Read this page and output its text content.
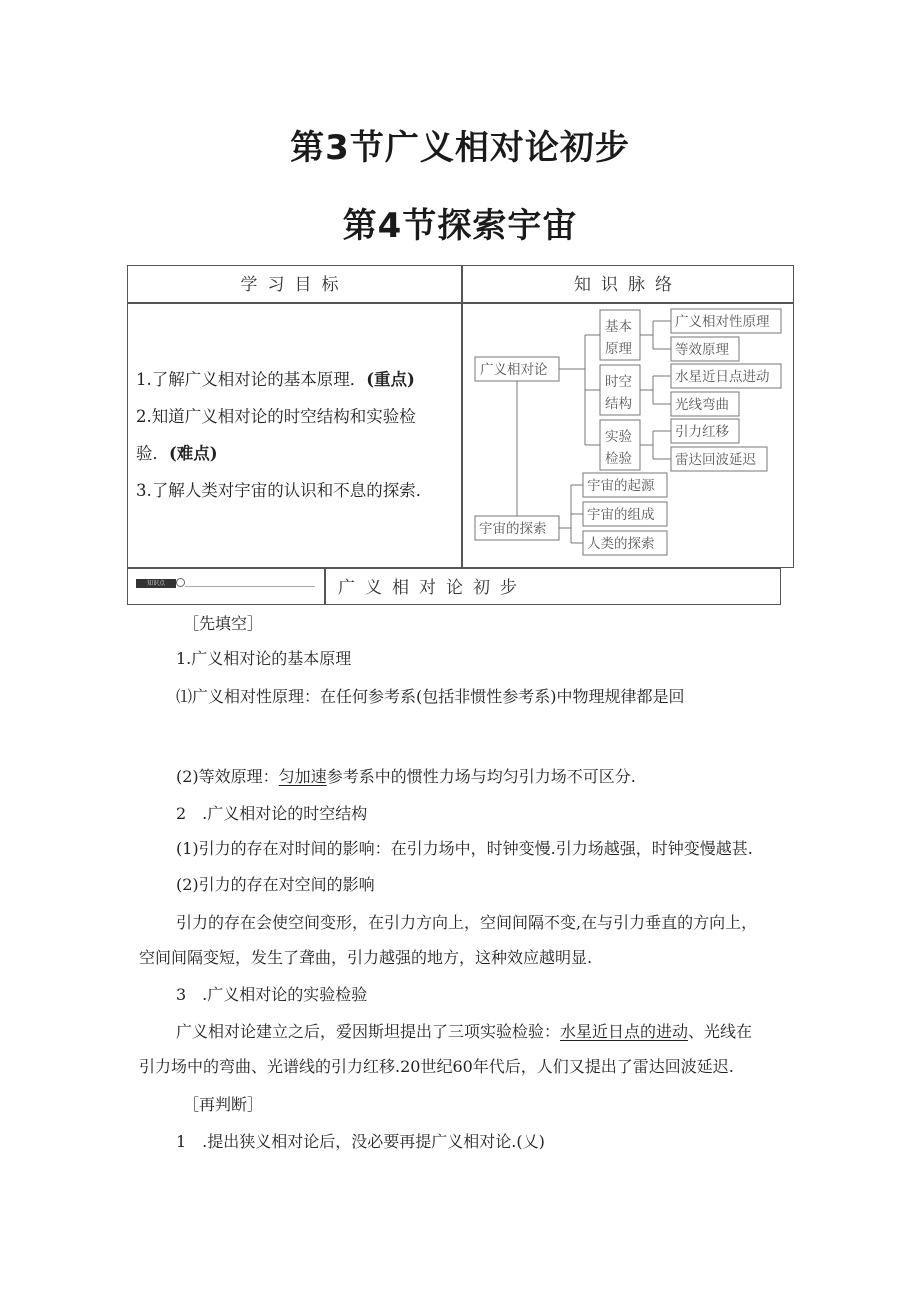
第3节广义相对论初步
第4节探索宇宙
学习目标	知识脉络
1.了解广义相对论的基本原理．(重点)
2.知道广义相对论的时空结构和实验检
验．(难点)
3.了解人类对宇宙的认识和不息的探索．
广义相对论
基本
原理
时空
结构
实验
检验
广义相对性原理
等效原理
水星近日点进动
光线弯曲
引力红移
雷达回波延迟
宇宙的探索
宇宙的起源
宇宙的组成
人类的探索
知识点	广义相对论初步
［先填空］
1.广义相对论的基本原理
⑴广义相对性原理：在任何参考系(包括非惯性参考系)中物理规律都是回
(2)等效原理：匀加速参考系中的惯性力场与均匀引力场不可区分.
2　.广义相对论的时空结构
(1)引力的存在对时间的影响：在引力场中，时钟变慢.引力场越强，时钟变慢越甚.
(2)引力的存在对空间的影响
引力的存在会使空间变形，在引力方向上，空间间隔不变,在与引力垂直的方向上，
空间间隔变短，发生了聋曲，引力越强的地方，这种效应越明显.
3　.广义相对论的实验检验
广义相对论建立之后，爱因斯坦提出了三项实验检验：水星近日点的进动、光线在
引力场中的弯曲、光谱线的引力红移.20世纪60年代后，人们又提出了雷达回波延迟.
［再判断］
1　.提出狭义相对论后，没必要再提广义相对论.(乂)
